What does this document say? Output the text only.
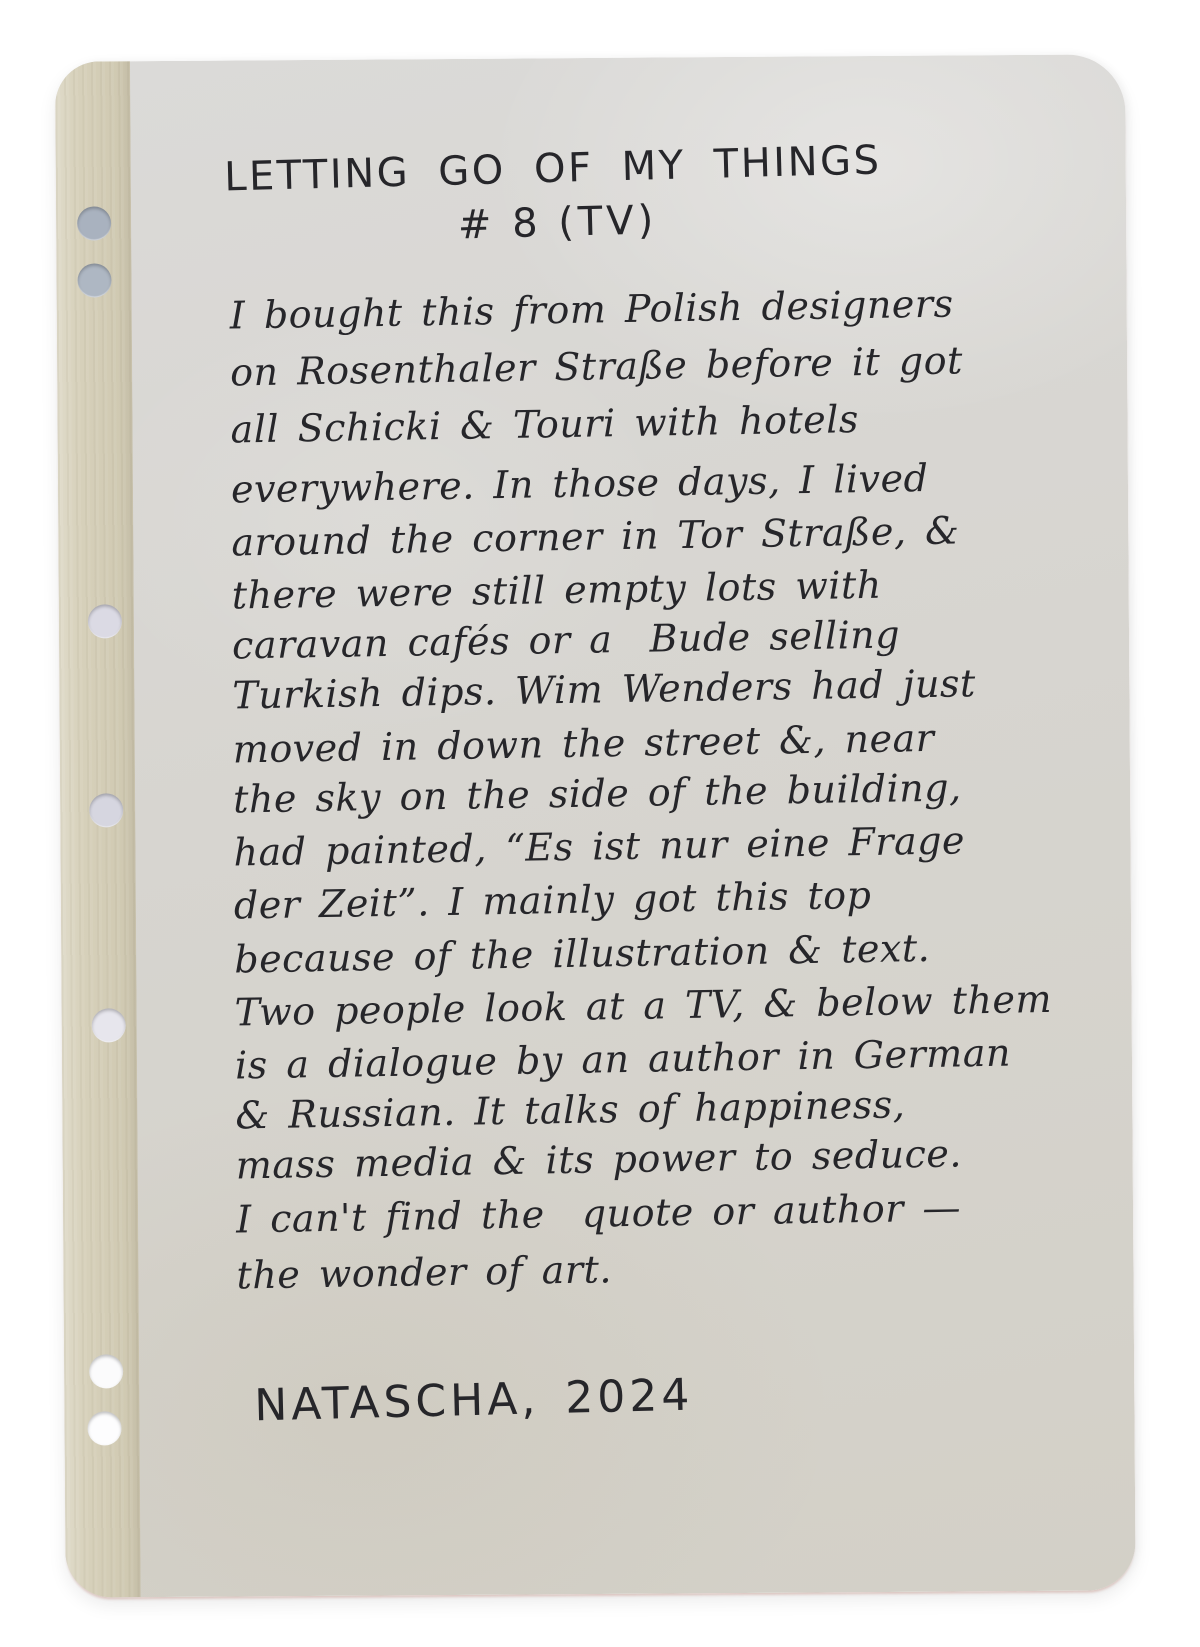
LETTING GO OF MY THINGS
# 8 (TV)
I bought this from Polish designers
on Rosenthaler Straße before it got
all Schicki & Touri with hotels
everywhere. In those days, I lived
around the corner in Tor Straße, &
there were still empty lots with
caravan cafés or a  Bude selling
Turkish dips. Wim Wenders had just
moved in down the street &, near
the sky on the side of the building,
had painted, “Es ist nur eine Frage
der Zeit”. I mainly got this top
because of the illustration & text.
Two people look at a TV, & below them
is a dialogue by an author in German
& Russian. It talks of happiness,
mass media & its power to seduce.
I can't find the  quote or author —
the wonder of art.
NATASCHA, 2024
